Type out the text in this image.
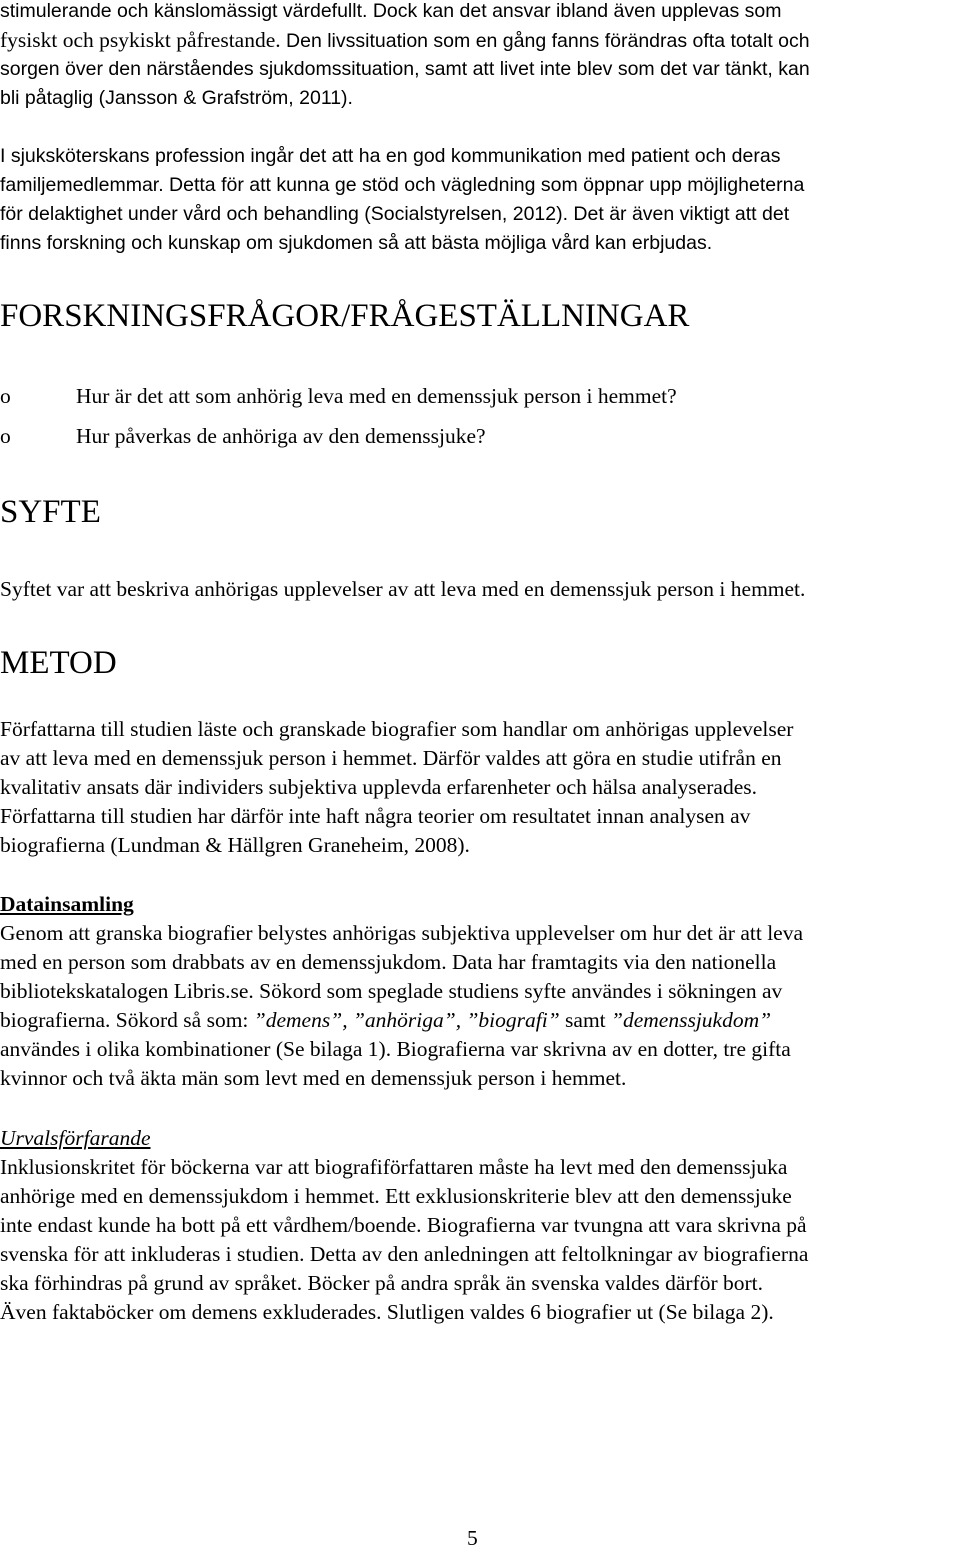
stimulerande och känslomässigt värdefullt. Dock kan det ansvar ibland även upplevas som
fysiskt och psykiskt påfrestande. Den livssituation som en gång fanns förändras ofta totalt och
sorgen över den närståendes sjukdomssituation, samt att livet inte blev som det var tänkt, kan
bli påtaglig (Jansson & Grafström, 2011).
I sjuksköterskans profession ingår det att ha en god kommunikation med patient och deras
familjemedlemmar. Detta för att kunna ge stöd och vägledning som öppnar upp möjligheterna
för delaktighet under vård och behandling (Socialstyrelsen, 2012). Det är även viktigt att det
finns forskning och kunskap om sjukdomen så att bästa möjliga vård kan erbjudas.
FORSKNINGSFRÅGOR/FRÅGESTÄLLNINGAR
o	Hur är det att som anhörig leva med en demenssjuk person i hemmet?
o	Hur påverkas de anhöriga av den demenssjuke?
SYFTE
Syftet var att beskriva anhörigas upplevelser av att leva med en demenssjuk person i hemmet.
METOD
Författarna till studien läste och granskade biografier som handlar om anhörigas upplevelser
av att leva med en demenssjuk person i hemmet. Därför valdes att göra en studie utifrån en
kvalitativ ansats där individers subjektiva upplevda erfarenheter och hälsa analyserades.
Författarna till studien har därför inte haft några teorier om resultatet innan analysen av
biografierna (Lundman & Hällgren Graneheim, 2008).
Datainsamling
Genom att granska biografier belystes anhörigas subjektiva upplevelser om hur det är att leva
med en person som drabbats av en demenssjukdom. Data har framtagits via den nationella
bibliotekskatalogen Libris.se. Sökord som speglade studiens syfte användes i sökningen av
biografierna. Sökord så som: ”demens”, ”anhöriga”, ”biografi” samt ”demenssjukdom”
användes i olika kombinationer (Se bilaga 1). Biografierna var skrivna av en dotter, tre gifta
kvinnor och två äkta män som levt med en demenssjuk person i hemmet.
Urvalsförfarande
Inklusionskritet för böckerna var att biografiförfattaren måste ha levt med den demenssjuka
anhörige med en demenssjukdom i hemmet. Ett exklusionskriterie blev att den demenssjuke
inte endast kunde ha bott på ett vårdhem/boende. Biografierna var tvungna att vara skrivna på
svenska för att inkluderas i studien. Detta av den anledningen att feltolkningar av biografierna
ska förhindras på grund av språket. Böcker på andra språk än svenska valdes därför bort.
Även faktaböcker om demens exkluderades. Slutligen valdes 6 biografier ut (Se bilaga 2).
5
